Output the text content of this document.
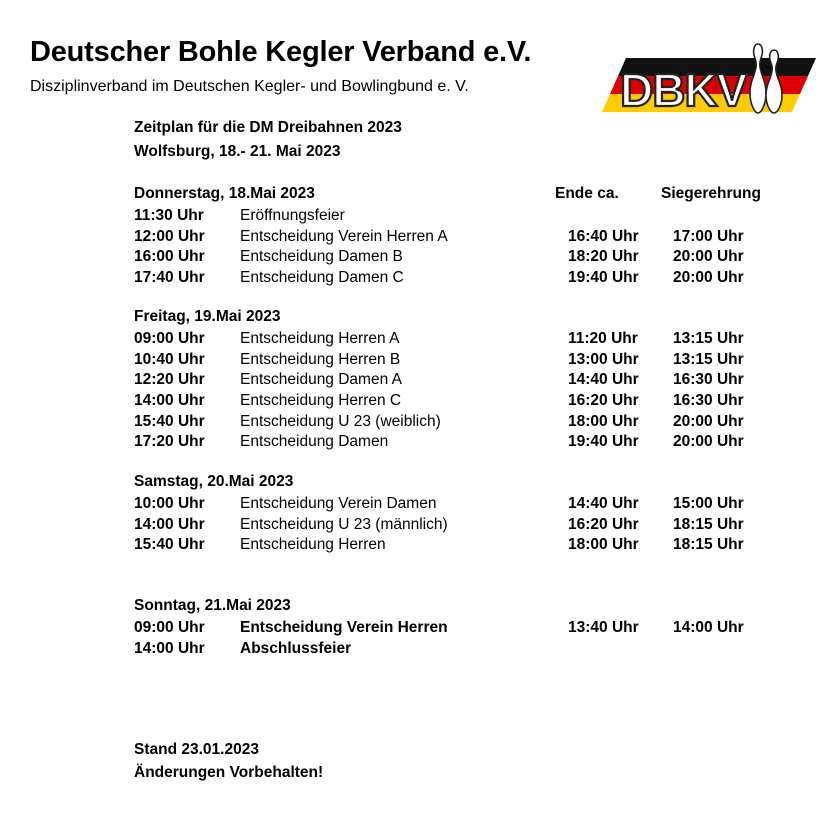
Deutscher Bohle Kegler Verband e.V.
Disziplinverband im Deutschen Kegler- und Bowlingbund e. V.	DBKV
Zeitplan für die DM Dreibahnen 2023
Wolfsburg, 18.- 21. Mai 2023
Ende ca.	Siegerehrung
Donnerstag, 18.Mai 2023
11:30 Uhr Eröffnungsfeier
12:00 Uhr Entscheidung Verein Herren A	16:40 Uhr 17:00 Uhr
16:00 Uhr Entscheidung Damen B	18:20 Uhr 20:00 Uhr
17:40 Uhr Entscheidung Damen C	19:40 Uhr 20:00 Uhr
Freitag, 19.Mai 2023
09:00 Uhr Entscheidung Herren A	11:20 Uhr 13:15 Uhr
10:40 Uhr Entscheidung Herren B	13:00 Uhr 13:15 Uhr
12:20 Uhr Entscheidung Damen A	14:40 Uhr 16:30 Uhr
14:00 Uhr Entscheidung Herren C	16:20 Uhr 16:30 Uhr
15:40 Uhr Entscheidung U 23 (weiblich)	18:00 Uhr 20:00 Uhr
17:20 Uhr Entscheidung Damen	19:40 Uhr 20:00 Uhr
Samstag, 20.Mai 2023
10:00 Uhr Entscheidung Verein Damen	14:40 Uhr 15:00 Uhr
14:00 Uhr Entscheidung U 23 (männlich)	16:20 Uhr 18:15 Uhr
15:40 Uhr Entscheidung Herren	18:00 Uhr 18:15 Uhr
Sonntag, 21.Mai 2023
09:00 Uhr Entscheidung Verein Herren	13:40 Uhr 14:00 Uhr
14:00 Uhr Abschlussfeier
Stand 23.01.2023
Änderungen Vorbehalten!
